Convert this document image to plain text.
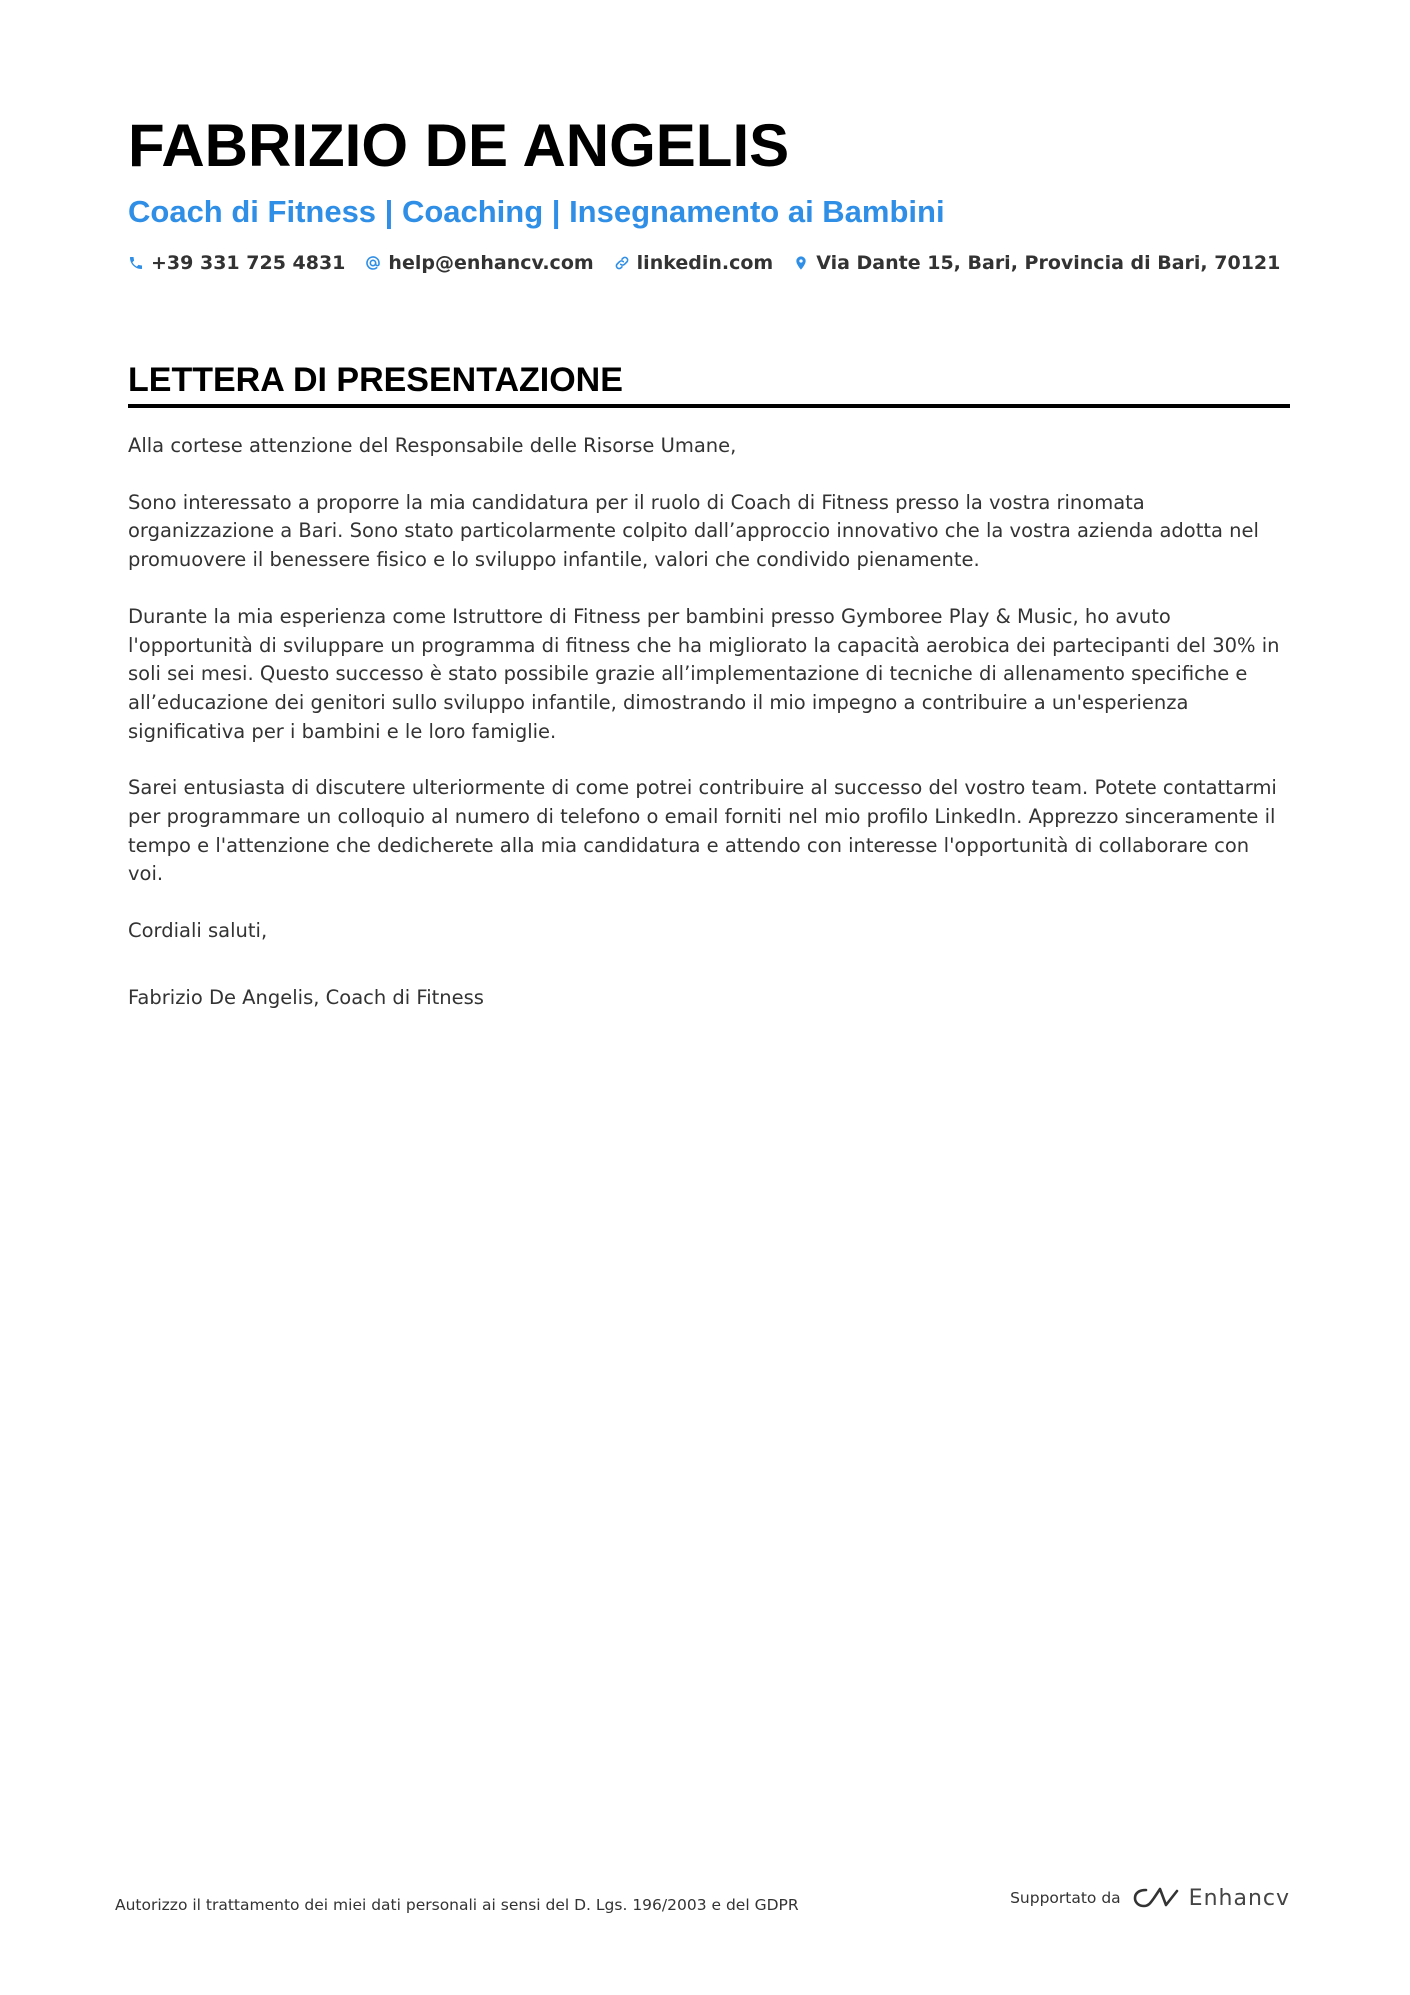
FABRIZIO DE ANGELIS
Coach di Fitness | Coaching | Insegnamento ai Bambini
+39 331 725 4831 help@enhancv.com linkedin.com Via Dante 15, Bari, Provincia di Bari, 70121
LETTERA DI PRESENTAZIONE

Alla cortese attenzione del Responsabile delle Risorse Umane,

Sono interessato a proporre la mia candidatura per il ruolo di Coach di Fitness presso la vostra rinomata organizzazione a Bari. Sono stato particolarmente colpito dall’approccio innovativo che la vostra azienda adotta nel promuovere il benessere fisico e lo sviluppo infantile, valori che condivido pienamente.

Durante la mia esperienza come Istruttore di Fitness per bambini presso Gymboree Play & Music, ho avuto l'opportunità di sviluppare un programma di fitness che ha migliorato la capacità aerobica dei partecipanti del 30% in soli sei mesi. Questo successo è stato possibile grazie all’implementazione di tecniche di allenamento specifiche e all’educazione dei genitori sullo sviluppo infantile, dimostrando il mio impegno a contribuire a un'esperienza significativa per i bambini e le loro famiglie.

Sarei entusiasta di discutere ulteriormente di come potrei contribuire al successo del vostro team. Potete contattarmi per programmare un colloquio al numero di telefono o email forniti nel mio profilo LinkedIn. Apprezzo sinceramente il tempo e l'attenzione che dedicherete alla mia candidatura e attendo con interesse l'opportunità di collaborare con voi.

Cordiali saluti,

Fabrizio De Angelis, Coach di Fitness

Autorizzo il trattamento dei miei dati personali ai sensi del D. Lgs. 196/2003 e del GDPR	Supportato da	Enhancv
